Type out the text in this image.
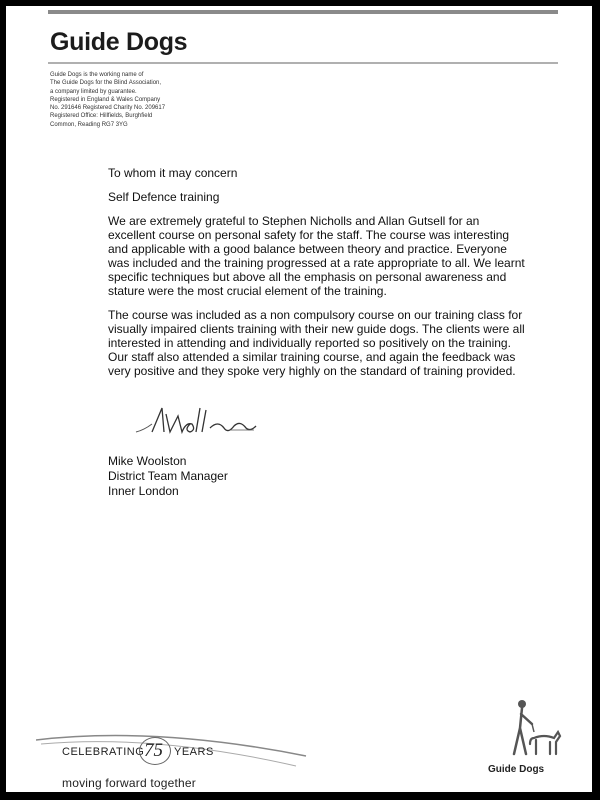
Guide Dogs
Guide Dogs is the working name of
The Guide Dogs for the Blind Association,
a company limited by guarantee.
Registered in England & Wales Company
No. 291646 Registered Charity No. 209617
Registered Office: Hillfields, Burghfield
Common, Reading RG7 3YG

To whom it may concern

Self Defence training

We are extremely grateful to Stephen Nicholls and Allan Gutsell for an excellent course on personal safety for the staff. The course was interesting and applicable with a good balance between theory and practice. Everyone was included and the training progressed at a rate appropriate to all. We learnt specific techniques but above all the emphasis on personal awareness and stature were the most crucial element of the training.

The course was included as a non compulsory course on our training class for visually impaired clients training with their new guide dogs. The clients were all interested in attending and individually reported so positively on the training. Our staff also attended a similar training course, and again the feedback was very positive and they spoke very highly on the standard of training provided.

Mike Woolston
District Team Manager
Inner London
CELEBRATING 75 YEARS
moving forward together
Guide Dogs
